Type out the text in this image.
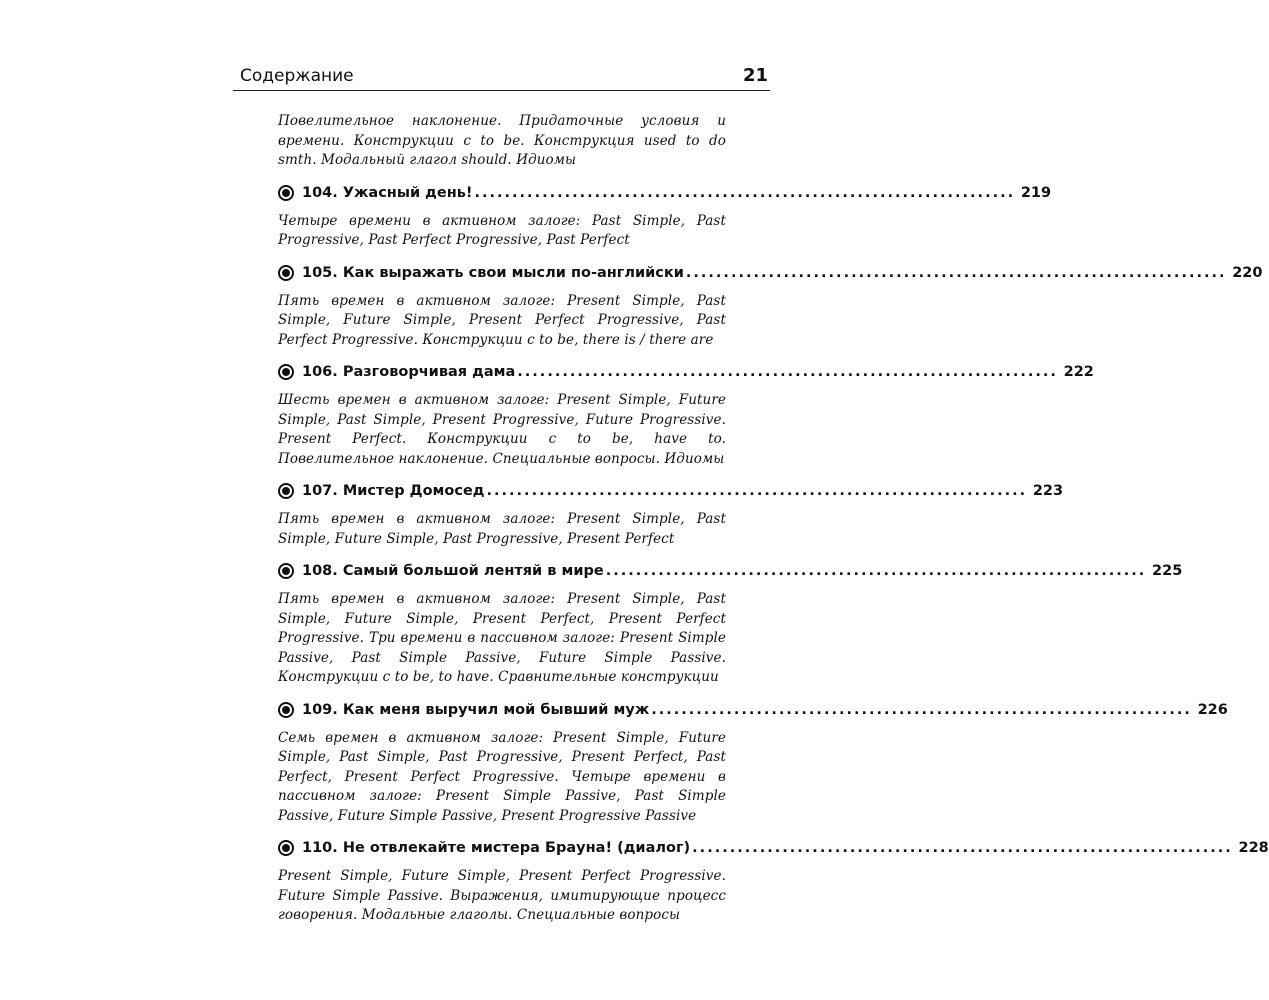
Содержание	21

Повелительное наклонение. Придаточные условия и времени. Конструкции с to be. Конструкция used to do smth. Модальный глагол should. Идиомы

104. Ужасный день! ........................................................................ 219

Четыре времени в активном залоге: Past Simple, Past Progressive, Past Perfect Progressive, Past Perfect

105. Как выражать свои мысли по-английски ........................................................................ 220

Пять времен в активном залоге: Present Simple, Past Simple, Future Simple, Present Perfect Progressive, Past Perfect Progressive. Конструкции с to be, there is / there are

106. Разговорчивая дама ........................................................................ 222

Шесть времен в активном залоге: Present Simple, Future Simple, Past Simple, Present Progressive, Future Progressive. Present Perfect. Конструкции с to be, have to. Повелительное наклонение. Специальные вопросы. Идиомы

107. Мистер Домосед ........................................................................ 223

Пять времен в активном залоге: Present Simple, Past Simple, Future Simple, Past Progressive, Present Perfect

108. Самый большой лентяй в мире ........................................................................ 225

Пять времен в активном залоге: Present Simple, Past Simple, Future Simple, Present Perfect, Present Perfect Progressive. Три времени в пассивном залоге: Present Simple Passive, Past Simple Passive, Future Simple Passive. Конструкции с to be, to have. Сравнительные конструкции

109. Как меня выручил мой бывший муж ........................................................................ 226

Семь времен в активном залоге: Present Simple, Future Simple, Past Simple, Past Progressive, Present Perfect, Past Perfect, Present Perfect Progressive. Четыре времени в пассивном залоге: Present Simple Passive, Past Simple Passive, Future Simple Passive, Present Progressive Passive

110. Не отвлекайте мистера Брауна! (диалог) ........................................................................ 228

Present Simple, Future Simple, Present Perfect Progressive. Future Simple Passive. Выражения, имитирующие процесс говорения. Модальные глаголы. Специальные вопросы
